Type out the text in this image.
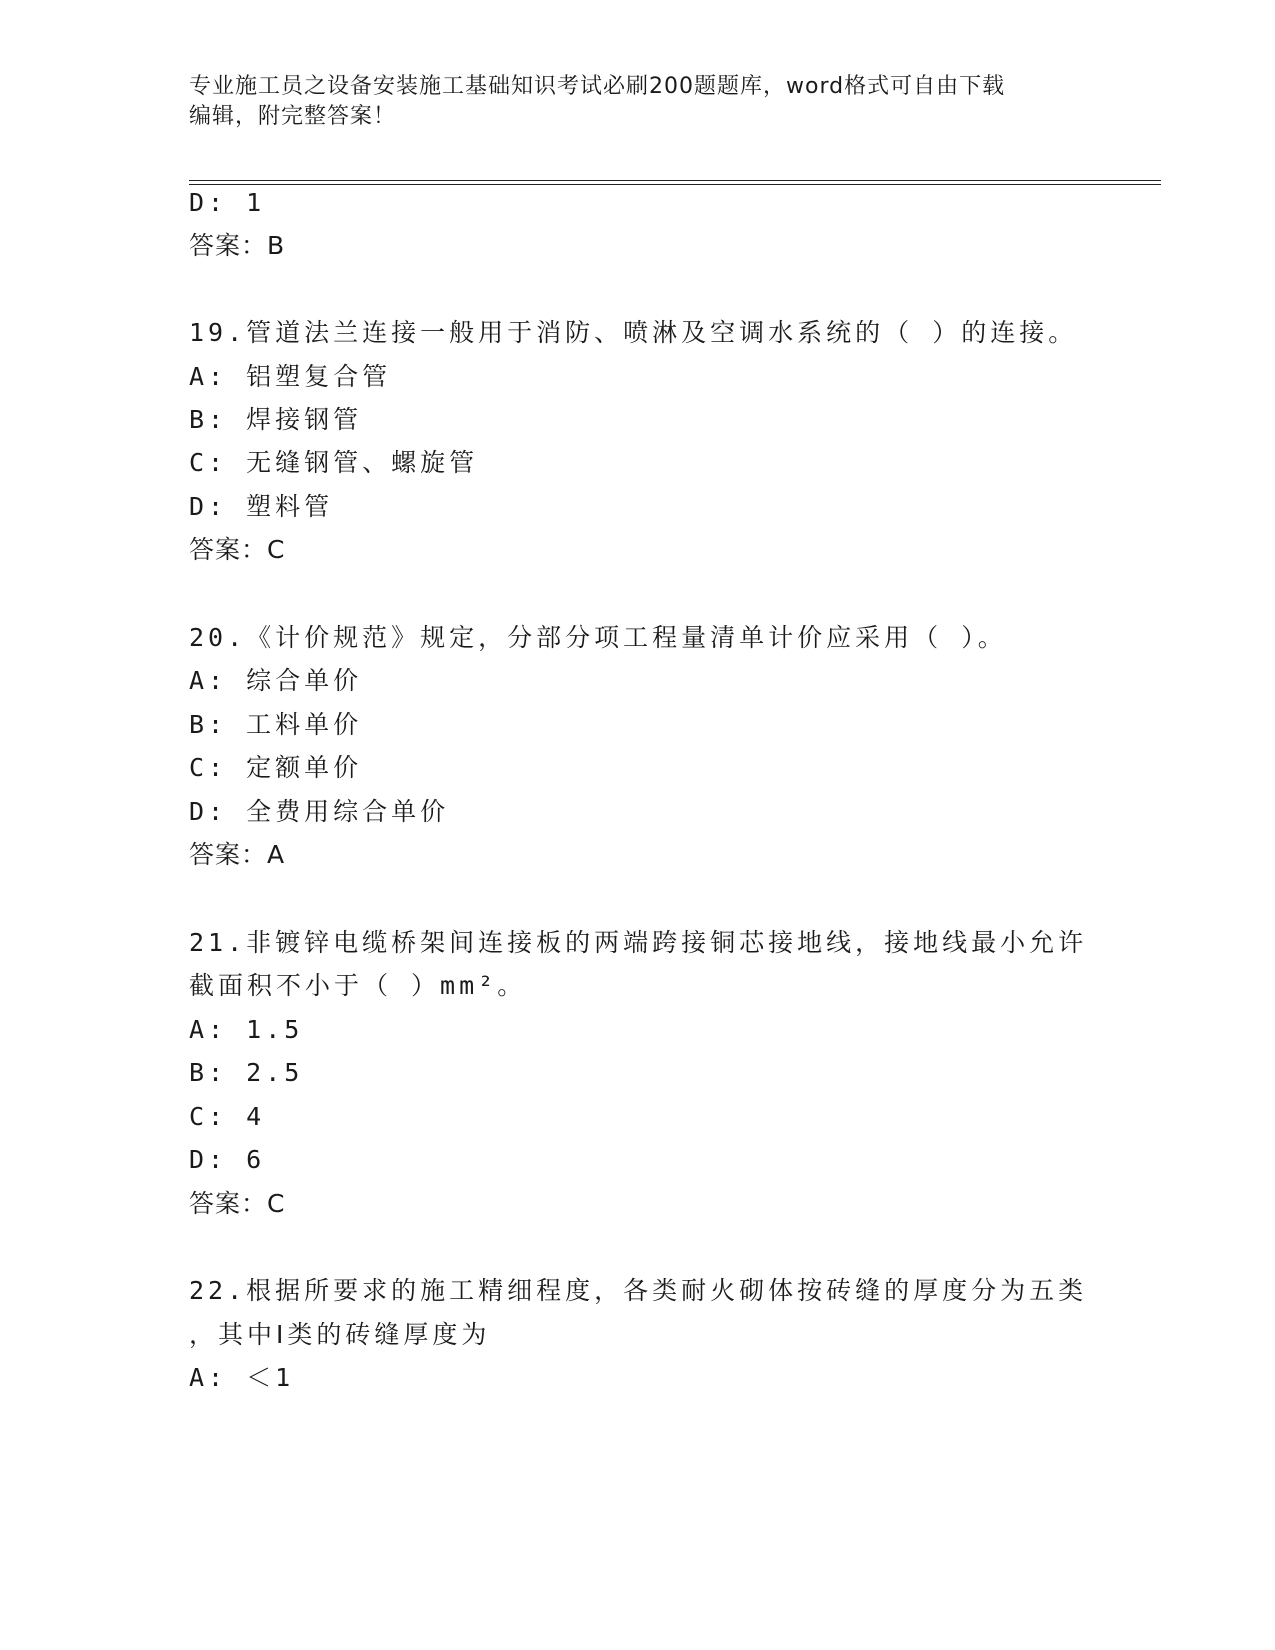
专业施工员之设备安装施工基础知识考试必刷200题题库，word格式可自由下载
编辑，附完整答案！
D: 1
答案：B
19.管道法兰连接一般用于消防、喷淋及空调水系统的（ ）的连接。
A: 铝塑复合管
B: 焊接钢管
C: 无缝钢管、螺旋管
D: 塑料管
答案：C
20.《计价规范》规定，分部分项工程量清单计价应采用（ ）。
A: 综合单价
B: 工料单价
C: 定额单价
D: 全费用综合单价
答案：A
21.非镀锌电缆桥架间连接板的两端跨接铜芯接地线，接地线最小允许
截面积不小于（ ）mm²。
A: 1.5
B: 2.5
C: 4
D: 6
答案：C
22.根据所要求的施工精细程度，各类耐火砌体按砖缝的厚度分为五类
，其中Ⅰ类的砖缝厚度为
A: ＜1
